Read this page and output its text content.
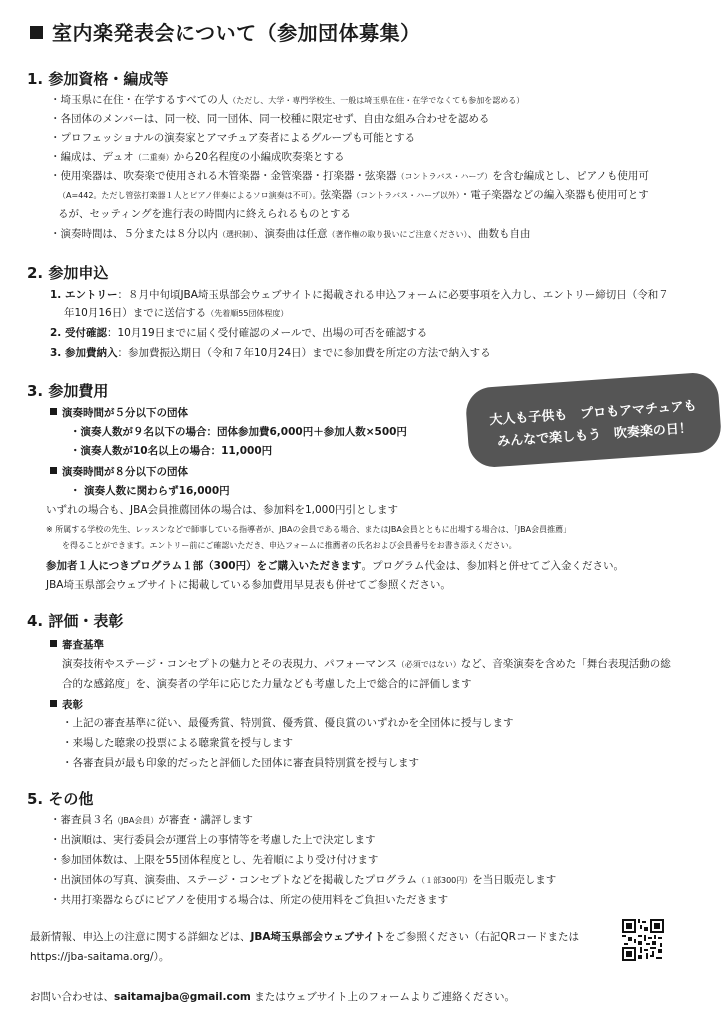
室内楽発表会について（参加団体募集）
1. 参加資格・編成等
・埼玉県に在住・在学するすべての人（ただし、大学・専門学校生、一般は埼玉県在住・在学でなくても参加を認める）
・各団体のメンバーは、同一校、同一団体、同一校種に限定せず、自由な組み合わせを認める
・プロフェッショナルの演奏家とアマチュア奏者によるグループも可能とする
・編成は、デュオ（二重奏）から20名程度の小編成吹奏楽とする
・使用楽器は、吹奏楽で使用される木管楽器・金管楽器・打楽器・弦楽器（コントラバス・ハープ）を含む編成とし、ピアノも使用可
（A=442。ただし管弦打楽器１人とピアノ伴奏によるソロ演奏は不可）。弦楽器（コントラバス・ハープ以外）・電子楽器などの編入楽器も使用可とす
るが、セッティングを進行表の時間内に終えられるものとする
・演奏時間は、５分または８分以内（選択制）、演奏曲は任意（著作権の取り扱いにご注意ください）、曲数も自由
2. 参加申込
1. エントリー：８月中旬頃JBA埼玉県部会ウェブサイトに掲載される申込フォームに必要事項を入力し、エントリー締切日（令和７
年10月16日）までに送信する（先着順55団体程度）
2. 受付確認：10月19日までに届く受付確認のメールで、出場の可否を確認する
3. 参加費納入：参加費振込期日（令和７年10月24日）までに参加費を所定の方法で納入する
3. 参加費用
演奏時間が５分以下の団体
・演奏人数が９名以下の場合：団体参加費6,000円＋参加人数×500円
・演奏人数が10名以上の場合：11,000円
演奏時間が８分以下の団体
・ 演奏人数に関わらず16,000円
いずれの場合も、JBA会員推薦団体の場合は、参加料を1,000円引とします
※ 所属する学校の先生、レッスンなどで師事している指導者が、JBAの会員である場合、またはJBA会員とともに出場する場合は、「JBA会員推薦」
を得ることができます。エントリー前にご確認いただき、申込フォームに推薦者の氏名および会員番号をお書き添えください。
参加者１人につきプログラム１部（300円）をご購入いただきます。プログラム代金は、参加料と併せてご入金ください。
JBA埼玉県部会ウェブサイトに掲載している参加費用早見表も併せてご参照ください。
大人も子供も　プロもアマチュアも
みんなで楽しもう　吹奏楽の日！
4. 評価・表彰
審査基準
演奏技術やステージ・コンセプトの魅力とその表現力、パフォーマンス（必須ではない）など、音楽演奏を含めた「舞台表現活動の総
合的な感銘度」を、演奏者の学年に応じた力量なども考慮した上で総合的に評価します
表彰
・上記の審査基準に従い、最優秀賞、特別賞、優秀賞、優良賞のいずれかを全団体に授与します
・来場した聴衆の投票による聴衆賞を授与します
・各審査員が最も印象的だったと評価した団体に審査員特別賞を授与します
5. その他
・審査員３名（JBA会員）が審査・講評します
・出演順は、実行委員会が運営上の事情等を考慮した上で決定します
・参加団体数は、上限を55団体程度とし、先着順により受け付けます
・出演団体の写真、演奏曲、ステージ・コンセプトなどを掲載したプログラム（１部300円）を当日販売します
・共用打楽器ならびにピアノを使用する場合は、所定の使用料をご負担いただきます
最新情報、申込上の注意に関する詳細などは、JBA埼玉県部会ウェブサイトをご参照ください（右記QRコードまたは
https://jba-saitama.org/）。
お問い合わせは、saitamajba@gmail.com またはウェブサイト上のフォームよりご連絡ください。
